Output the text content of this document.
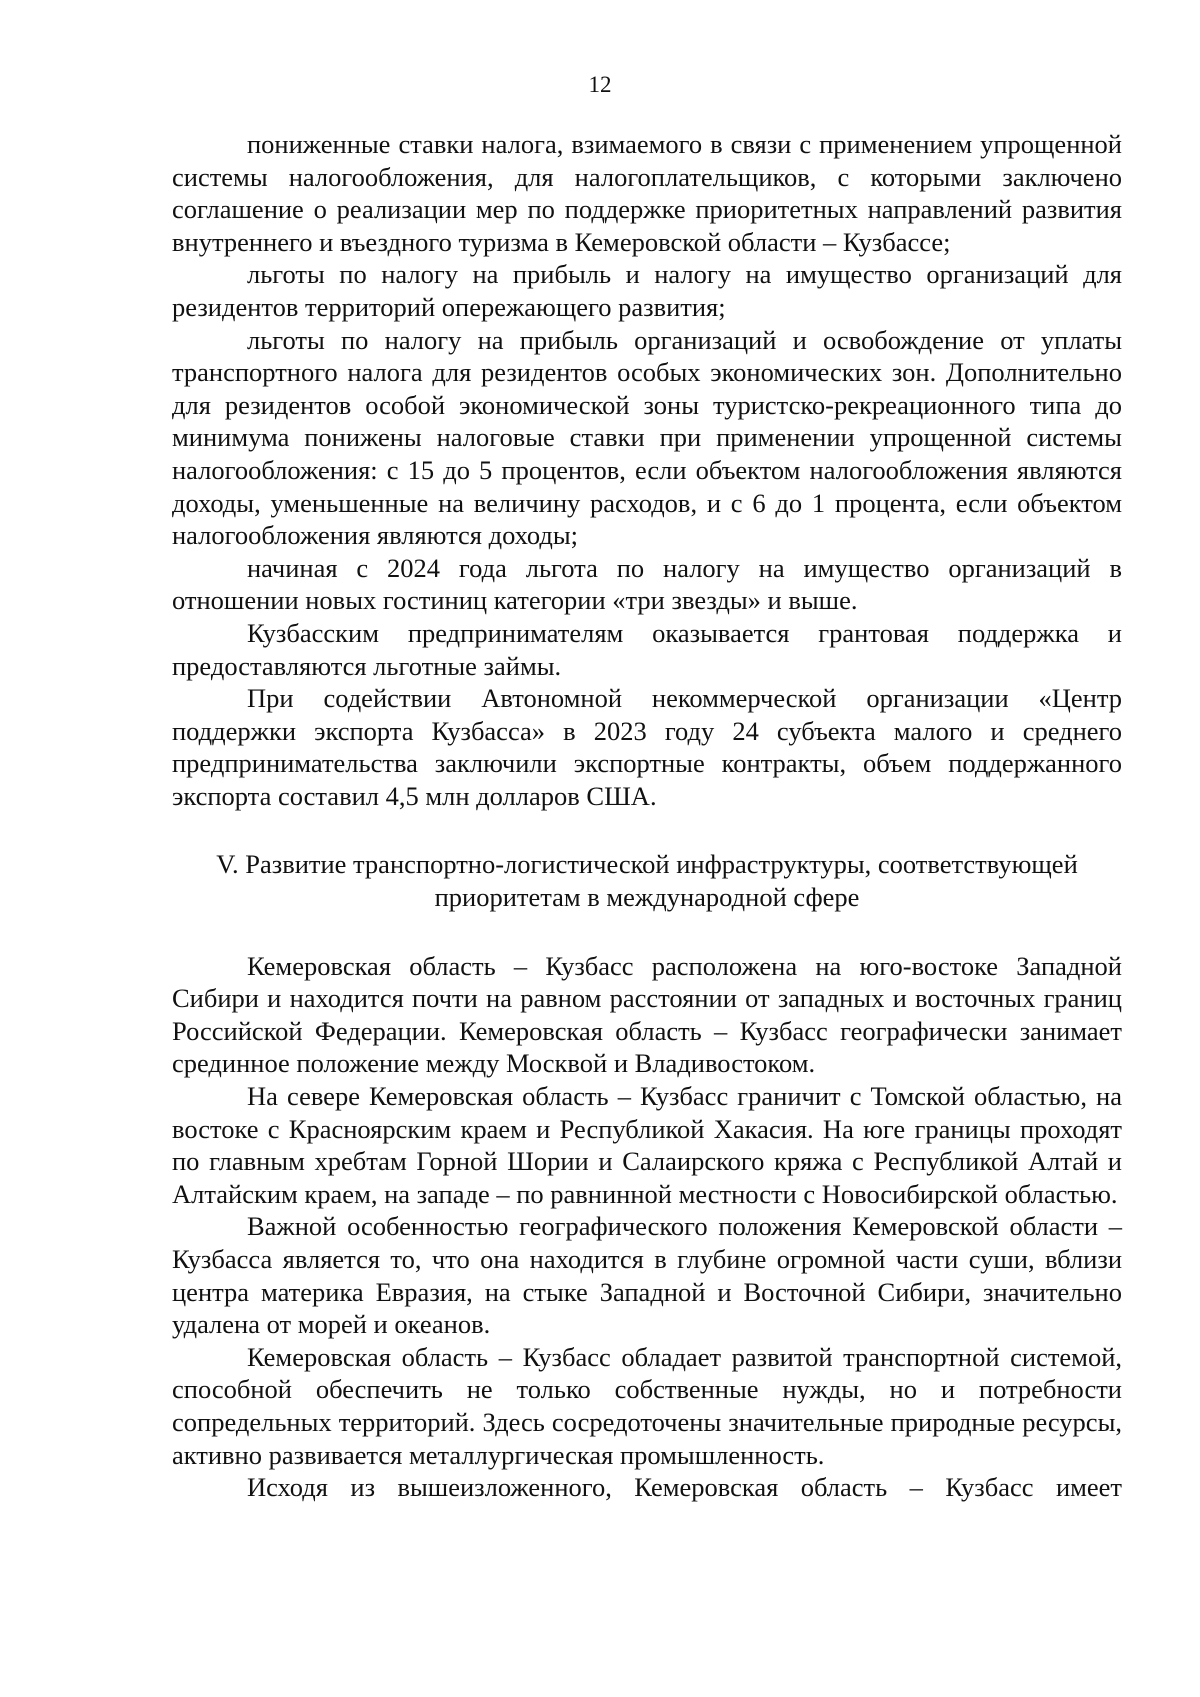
12

пониженные ставки налога, взимаемого в связи с применением упрощенной системы налогообложения, для налогоплательщиков, с которыми заключено соглашение о реализации мер по поддержке приоритетных направлений развития внутреннего и въездного туризма в Кемеровской области – Кузбассе;

льготы по налогу на прибыль и налогу на имущество организаций для резидентов территорий опережающего развития;

льготы по налогу на прибыль организаций и освобождение от уплаты транспортного налога для резидентов особых экономических зон. Дополнительно для резидентов особой экономической зоны туристско-рекреационного типа до минимума понижены налоговые ставки при применении упрощенной системы налогообложения: с 15 до 5 процентов, если объектом налогообложения являются доходы, уменьшенные на величину расходов, и с 6 до 1 процента, если объектом налогообложения являются доходы;

начиная с 2024 года льгота по налогу на имущество организаций в отношении новых гостиниц категории «три звезды» и выше.

Кузбасским предпринимателям оказывается грантовая поддержка и предоставляются льготные займы.

При содействии Автономной некоммерческой организации «Центр поддержки экспорта Кузбасса» в 2023 году 24 субъекта малого и среднего предпринимательства заключили экспортные контракты, объем поддержанного экспорта составил 4,5 млн долларов США.

V. Развитие транспортно-логистической инфраструктуры, соответствующей
приоритетам в международной сфере

Кемеровская область – Кузбасс расположена на юго-востоке Западной Сибири и находится почти на равном расстоянии от западных и восточных границ Российской Федерации. Кемеровская область – Кузбасс географически занимает срединное положение между Москвой и Владивостоком.

На севере Кемеровская область – Кузбасс граничит с Томской областью, на востоке с Красноярским краем и Республикой Хакасия. На юге границы проходят по главным хребтам Горной Шории и Салаирского кряжа с Республикой Алтай и Алтайским краем, на западе – по равнинной местности с Новосибирской областью.

Важной особенностью географического положения Кемеровской области – Кузбасса является то, что она находится в глубине огромной части суши, вблизи центра материка Евразия, на стыке Западной и Восточной Сибири, значительно удалена от морей и океанов.

Кемеровская область – Кузбасс обладает развитой транспортной системой, способной обеспечить не только собственные нужды, но и потребности сопредельных территорий. Здесь сосредоточены значительные природные ресурсы, активно развивается металлургическая промышленность.

Исходя из вышеизложенного, Кемеровская область – Кузбасс имеет
